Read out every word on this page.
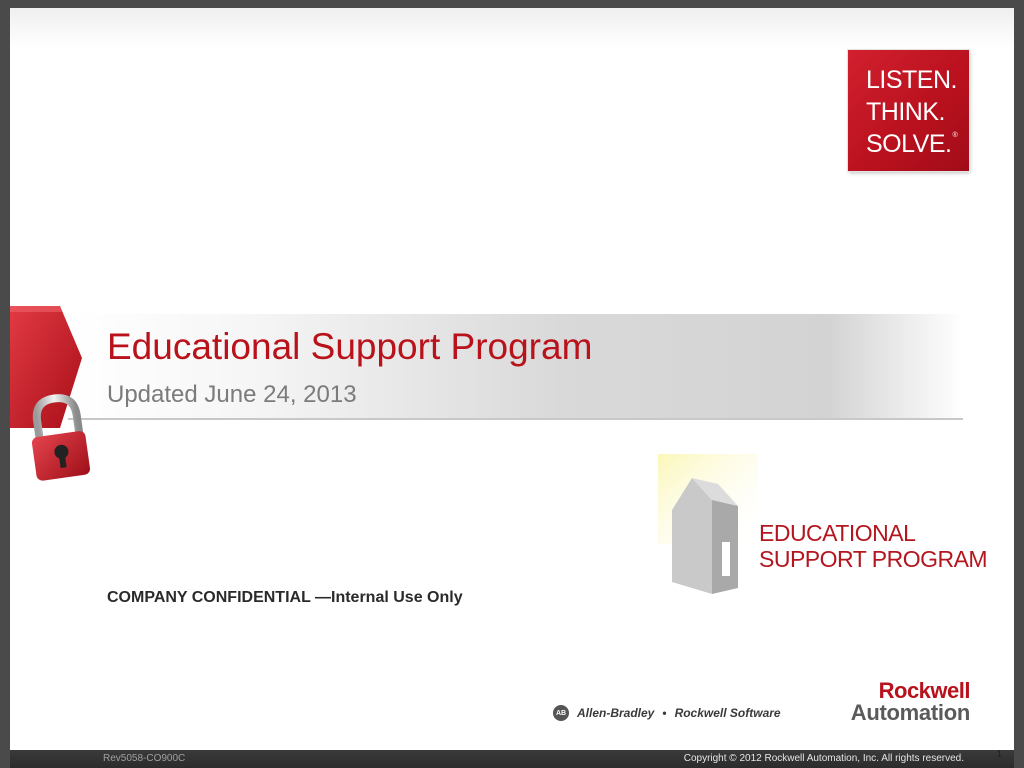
LISTEN.
THINK.
SOLVE.®
Educational Support Program
Updated June 24, 2013
EDUCATIONAL
SUPPORT PROGRAM
COMPANY CONFIDENTIAL —Internal Use Only
AB Allen-Bradley • Rockwell Software
Rockwell
Automation
Rev5058-CO900C	Copyright © 2012 Rockwell Automation, Inc. All rights reserved.	1
